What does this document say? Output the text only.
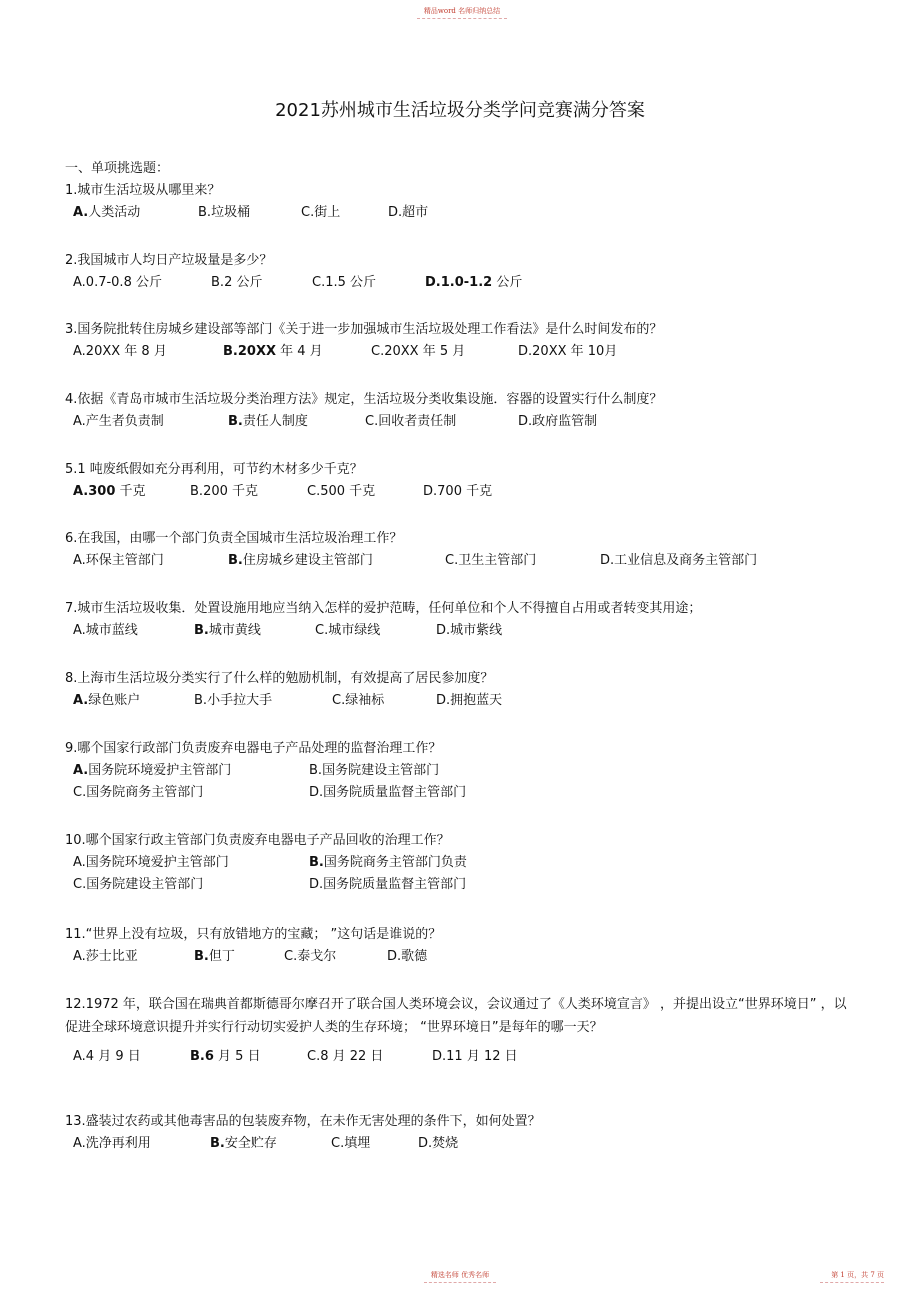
精品word 名师归纳总结
2021苏州城市生活垃圾分类学问竞赛满分答案
一、单项挑选题：
1.城市生活垃圾从哪里来？
A.人类活动	B.垃圾桶	C.街上	D.超市
2.我国城市人均日产垃圾量是多少？
A.0.7-0.8 公斤	B.2 公斤	C.1.5 公斤	D.1.0-1.2 公斤
3.国务院批转住房城乡建设部等部门《关于进一步加强城市生活垃圾处理工作看法》是什么时间发布的？
A.20XX 年 8 月	B.20XX 年 4 月	C.20XX 年 5 月	D.20XX 年 10月
4.依据《青岛市城市生活垃圾分类治理方法》规定，生活垃圾分类收集设施．容器的设置实行什么制度？
A.产生者负责制	B.责任人制度	C.回收者责任制	D.政府监管制
5.1 吨废纸假如充分再利用，可节约木材多少千克？
A.300 千克	B.200 千克	C.500 千克	D.700 千克
6.在我国，由哪一个部门负责全国城市生活垃圾治理工作？
A.环保主管部门	B.住房城乡建设主管部门	C.卫生主管部门	D.工业信息及商务主管部门
7.城市生活垃圾收集．处置设施用地应当纳入怎样的爱护范畴，任何单位和个人不得擅自占用或者转变其用途；
A.城市蓝线	B.城市黄线	C.城市绿线	D.城市紫线
8.上海市生活垃圾分类实行了什么样的勉励机制，有效提高了居民参加度？
A.绿色账户	B.小手拉大手	C.绿袖标	D.拥抱蓝天
9.哪个国家行政部门负责废弃电器电子产品处理的监督治理工作？
A.国务院环境爱护主管部门	B.国务院建设主管部门
C.国务院商务主管部门	D.国务院质量监督主管部门
10.哪个国家行政主管部门负责废弃电器电子产品回收的治理工作？
A.国务院环境爱护主管部门	B.国务院商务主管部门负责
C.国务院建设主管部门	D.国务院质量监督主管部门
11.“世界上没有垃圾，只有放错地方的宝藏； ”这句话是谁说的？
A.莎士比亚	B.但丁	C.泰戈尔	D.歌德
12.1972 年，联合国在瑞典首都斯德哥尔摩召开了联合国人类环境会议，会议通过了《人类环境宣言》 ，并提出设立“世界环境日” ，以促进全球环境意识提升并实行行动切实爱护人类的生存环境； “世界环境日”是每年的哪一天？
A.4 月 9 日	B.6 月 5 日	C.8 月 22 日	D.11 月 12 日
13.盛装过农药或其他毒害品的包装废弃物，在未作无害处理的条件下，如何处置？
A.洗净再利用	B.安全贮存	C.填埋	D.焚烧
精选名师 优秀名师	第 1 页，共 7 页
